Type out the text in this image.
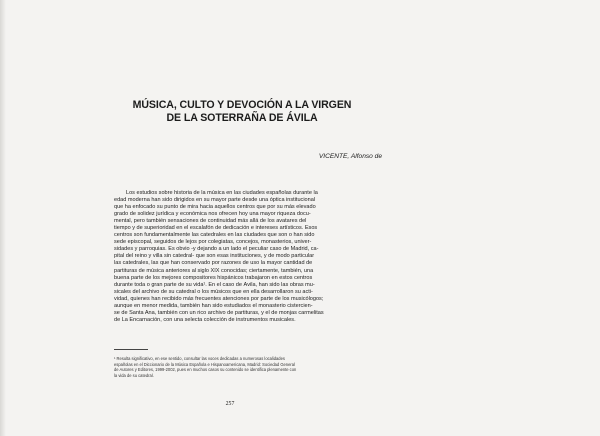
MÚSICA, CULTO Y DEVOCIÓN A LA VIRGEN
DE LA SOTERRAÑA DE ÁVILA
VICENTE, Alfonso de
Los estudios sobre historia de la música en las ciudades españolas durante la
edad moderna han sido dirigidos en su mayor parte desde una óptica institucional
que ha enfocado su punto de mira hacia aquellos centros que por su más elevado
grado de solidez jurídica y económica nos ofrecen hoy una mayor riqueza docu-
mental, pero también sensaciones de continuidad más allá de los avatares del
tiempo y de superioridad en el escalafón de dedicación e intereses artísticos. Esos
centros son fundamentalmente las catedrales en las ciudades que son o han sido
sede episcopal, seguidos de lejos por colegiatas, concejos, monasterios, univer-
sidades y parroquias. Es obvio -y dejando a un lado el peculiar caso de Madrid, ca-
pital del reino y villa sin catedral- que son esas instituciones, y de modo particular
las catedrales, las que han conservado por razones de uso la mayor cantidad de
partituras de música anteriores al siglo XIX conocidas; ciertamente, también, una
buena parte de los mejores compositores hispánicos trabajaron en estos centros
durante toda o gran parte de su vida¹. En el caso de Ávila, han sido las obras mu-
sicales del archivo de su catedral o los músicos que en ella desarrollaron su acti-
vidad, quienes han recibido más frecuentes atenciones por parte de los musicólogos;
aunque en menor medida, también han sido estudiados el monasterio cistercien-
se de Santa Ana, también con un rico archivo de partituras, y el de monjas carmelitas
de La Encarnación, con una selecta colección de instrumentos musicales.
¹ Resulta significativo, en ese sentido, consultar las voces dedicadas a numerosas localidades
españolas en el Diccionario de la Música Española e Hispanoamericana, Madrid: Sociedad General
de Autores y Editores, 1999-2002, pues en muchos casos su contenido se identifica plenamente con
la vida de su catedral.
257
